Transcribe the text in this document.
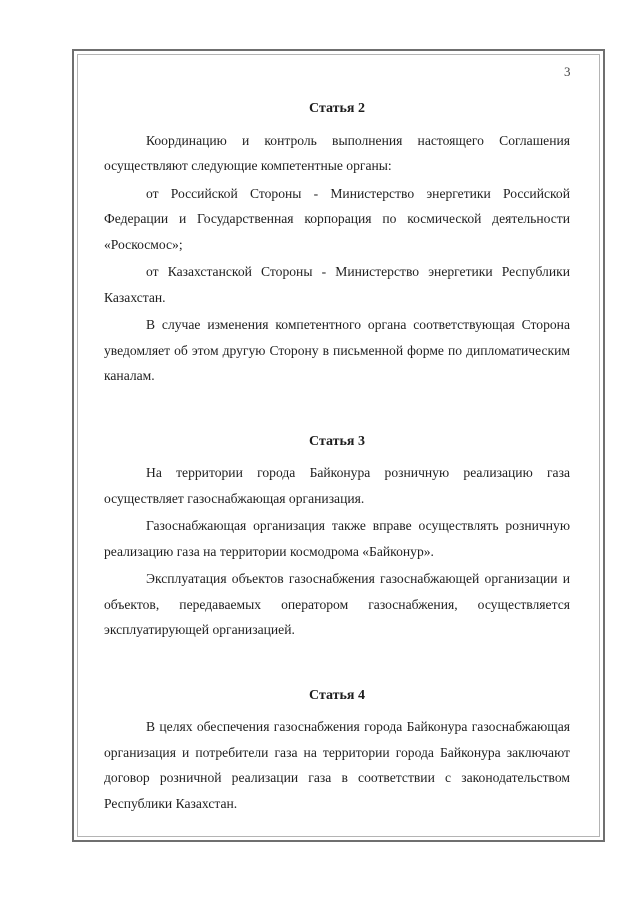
3

Статья 2

Координацию и контроль выполнения настоящего Соглашения осуществляют следующие компетентные органы:

от Российской Стороны - Министерство энергетики Российской Федерации и Государственная корпорация по космической деятельности «Роскосмос»;

от Казахстанской Стороны - Министерство энергетики Республики Казахстан.

В случае изменения компетентного органа соответствующая Сторона уведомляет об этом другую Сторону в письменной форме по дипломатическим каналам.

Статья 3

На территории города Байконура розничную реализацию газа осуществляет газоснабжающая организация.

Газоснабжающая организация также вправе осуществлять розничную реализацию газа на территории космодрома «Байконур».

Эксплуатация объектов газоснабжения газоснабжающей организации и объектов, передаваемых оператором газоснабжения, осуществляется эксплуатирующей организацией.

Статья 4

В целях обеспечения газоснабжения города Байконура газоснабжающая организация и потребители газа на территории города Байконура заключают договор розничной реализации газа в соответствии с законодательством Республики Казахстан.
